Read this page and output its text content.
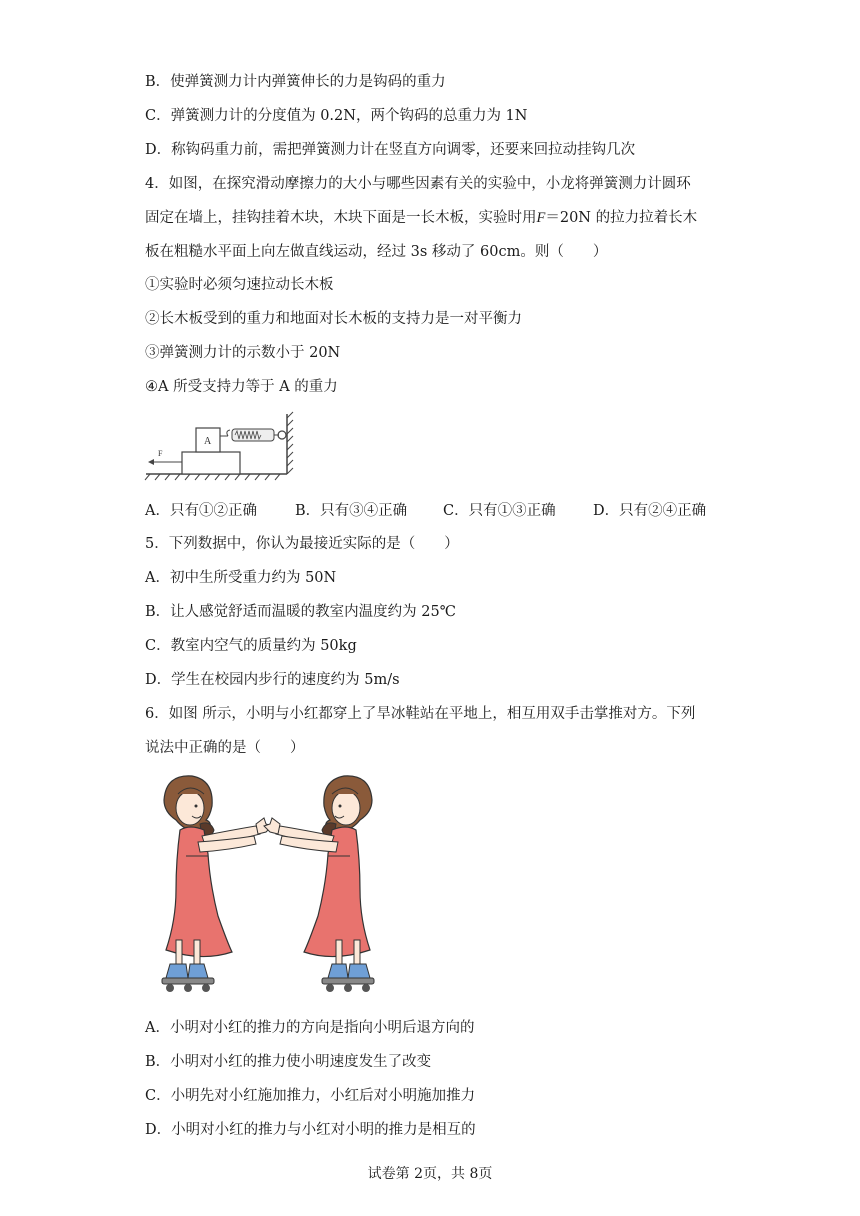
B．使弹簧测力计内弹簧伸长的力是钩码的重力
C．弹簧测力计的分度值为 0.2N，两个钩码的总重力为 1N
D．称钩码重力前，需把弹簧测力计在竖直方向调零，还要来回拉动挂钩几次
4．如图，在探究滑动摩擦力的大小与哪些因素有关的实验中，小龙将弹簧测力计圆环
固定在墙上，挂钩挂着木块，木块下面是一长木板，实验时用F＝20N 的拉力拉着长木
板在粗糙水平面上向左做直线运动，经过 3s 移动了 60cm。则（　　）
①实验时必须匀速拉动长木板
②长木板受到的重力和地面对长木板的支持力是一对平衡力
③弹簧测力计的示数小于 20N
④A 所受支持力等于 A 的重力
A
F
A．只有①②正确	B．只有③④正确 C．只有①③正确	D．只有②④正确
5．下列数据中，你认为最接近实际的是（　　）
A．初中生所受重力约为 50N
B．让人感觉舒适而温暖的教室内温度约为 25℃
C．教室内空气的质量约为 50kg
D．学生在校园内步行的速度约为 5m/s
6．如图 所示，小明与小红都穿上了旱冰鞋站在平地上，相互用双手击掌推对方。下列
说法中正确的是（　　）
A．小明对小红的推力的方向是指向小明后退方向的
B．小明对小红的推力使小明速度发生了改变
C．小明先对小红施加推力，小红后对小明施加推力
D．小明对小红的推力与小红对小明的推力是相互的
试卷第 2页，共 8页
